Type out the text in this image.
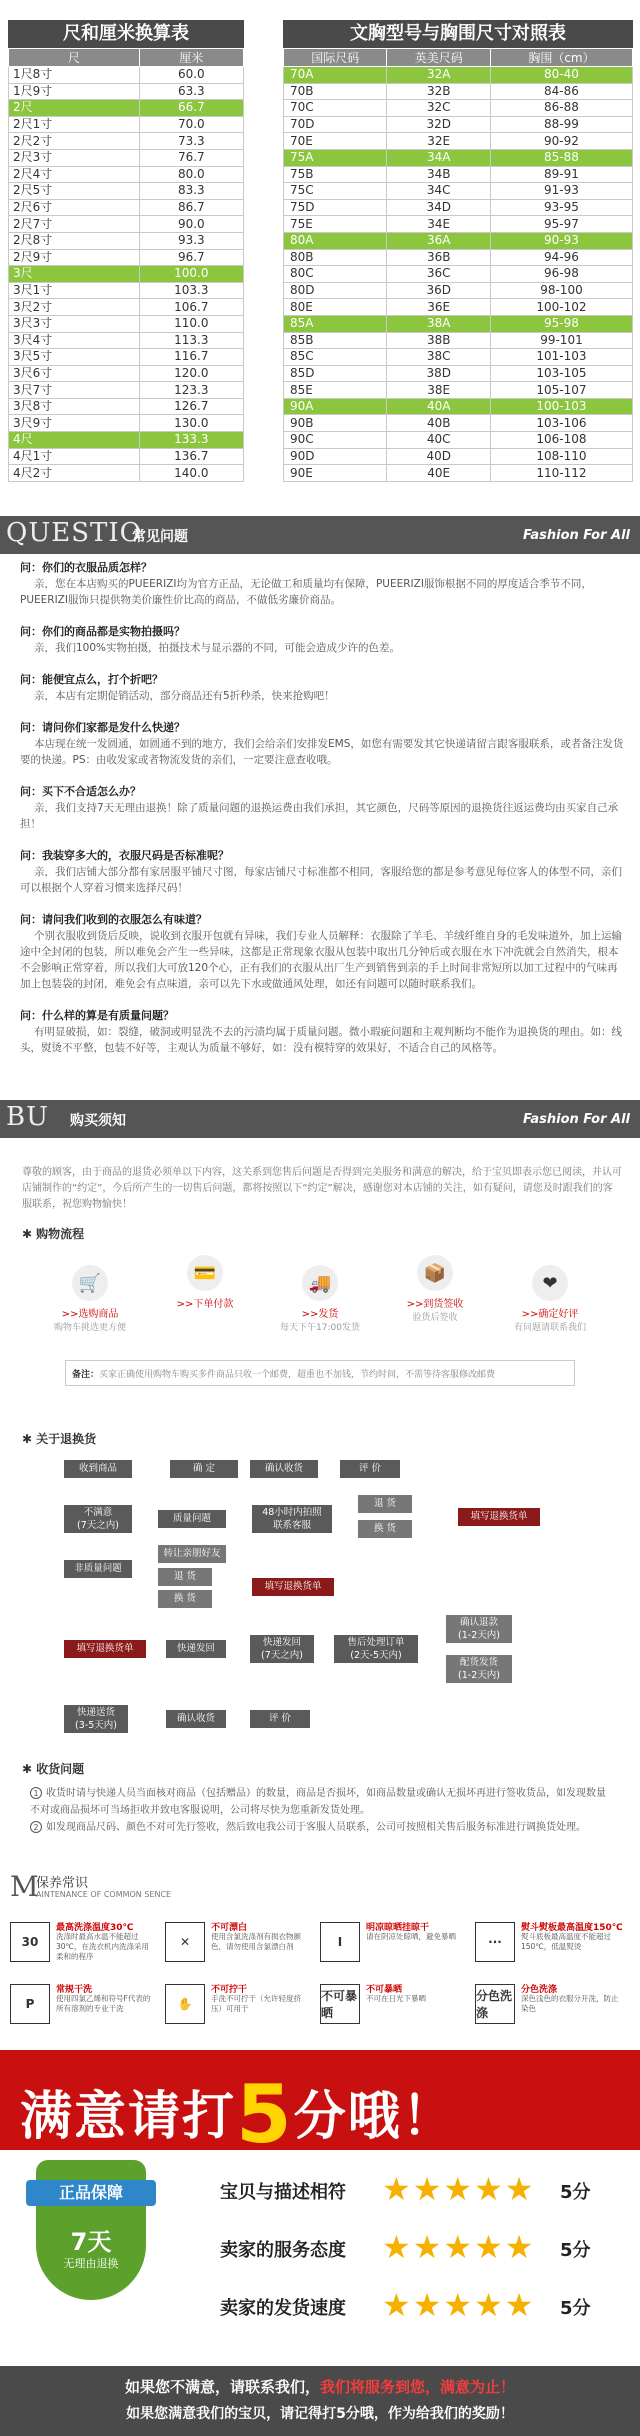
尺和厘米换算表
尺	厘米
1尺8寸	60.0
1尺9寸	63.3
2尺	66.7
2尺1寸	70.0
2尺2寸	73.3
2尺3寸	76.7
2尺4寸	80.0
2尺5寸	83.3
2尺6寸	86.7
2尺7寸	90.0
2尺8寸	93.3
2尺9寸	96.7
3尺	100.0
3尺1寸	103.3
3尺2寸	106.7
3尺3寸	110.0
3尺4寸	113.3
3尺5寸	116.7
3尺6寸	120.0
3尺7寸	123.3
3尺8寸	126.7
3尺9寸	130.0
4尺	133.3
4尺1寸	136.7
4尺2寸	140.0
文胸型号与胸围尺寸对照表
国际尺码	英美尺码	胸围（cm）
70A	32A	80-40
70B	32B	84-86
70C	32C	86-88
70D	32D	88-99
70E	32E	90-92
75A	34A	85-88
75B	34B	89-91
75C	34C	91-93
75D	34D	93-95
75E	34E	95-97
80A	36A	90-93
80B	36B	94-96
80C	36C	96-98
80D	36D	98-100
80E	36E	100-102
85A	38A	95-98
85B	38B	99-101
85C	38C	101-103
85D	38D	103-105
85E	38E	105-107
90A	40A	100-103
90B	40B	103-106
90C	40C	106-108
90D	40D	108-110
90E	40E	110-112
QUESTIO
常见问题	Fashion For All
问：你们的衣服品质怎样？
亲，您在本店购买的PUEERIZI均为官方正品，无论做工和质量均有保障，PUEERIZI服饰根据不同的厚度适合季节不同，PUEERIZI服饰只提供物美价廉性价比高的商品，不做低劣廉价商品。
问：你们的商品都是实物拍摄吗？
亲，我们100%实物拍摄，拍摄技术与显示器的不同，可能会造成少许的色差。
问：能便宜点么，打个折吧？
亲，本店有定期促销活动，部分商品还有5折秒杀，快来抢购吧！
问：请问你们家都是发什么快递？
本店现在统一发圆通，如圆通不到的地方，我们会给亲们安排发EMS，如您有需要发其它快递请留言跟客服联系，或者备注发货要的快递。PS：由收发家或者物流发货的亲们，一定要注意查收哦。
问：买下不合适怎么办？
亲，我们支持7天无理由退换！除了质量问题的退换运费由我们承担，其它颜色，尺码等原因的退换货往返运费均由买家自己承担！
问：我装穿多大的，衣服尺码是否标准呢？
亲，我们店铺大部分都有家居服平铺尺寸图，每家店铺尺寸标准都不相同，客服给您的都是参考意见每位客人的体型不同，亲们可以根据个人穿着习惯来选择尺码！
问：请问我们收到的衣服怎么有味道？
个别衣服收到货后反映，说收到衣服开包就有异味，我们专业人员解释：衣服除了羊毛、羊绒纤维自身的毛发味道外，加上运输途中全封闭的包装，所以难免会产生一些异味，这都是正常现象衣服从包装中取出几分钟后或衣服在水下冲洗就会自然消失，根本不会影响正常穿着，所以我们大可放120个心，正有我们的衣服从出厂生产到销售到亲的手上时间非常短所以加工过程中的气味再加上包装袋的封闭，难免会有点味道，亲可以先下水或做通风处理，如还有问题可以随时联系我们。
问：什么样的算是有质量问题？
有明显破损，如：裂缝，破洞或明显洗不去的污渍均属于质量问题。微小瑕疵问题和主观判断均不能作为退换货的理由。如：线头，熨烫不平整，包装不好等，主观认为质量不够好，如：没有模特穿的效果好，不适合自己的风格等。
BU 购买须知	Fashion For All
尊敬的顾客，由于商品的退货必须单以下内容，这关系到您售后问题是否得到完美服务和满意的解决，给于宝贝即表示您已阅读，并认可店铺制作的“约定”，今后所产生的一切售后问题，都将按照以下“约定”解决，感谢您对本店铺的关注，如有疑问，请您及时跟我们的客服联系，祝您购物愉快！
✱ 购物流程
🛒
>>选购商品
购物车挑选更方便
💳
>>下单付款
🚚
>>发货
每天下午17:00发货
📦
>>到货签收
验货后签收
❤
>>确定好评
有问题请联系我们
备注：买家正确使用购物车购买多件商品只收一个邮费，超重也不加钱，节约时间，不需等待客服修改邮费
✱ 关于退换货
收到商品	确 定	确认收货	评 价
不满意
(7天之内)
质量问题
48小时内拍照
联系客服
退 货
换 货
填写退换货单
非质量问题
转让亲朋好友
退 货
换 货
填写退换货单
填写退换货单	快递发回
快递发回
(7天之内)
售后处理订单
(2天-5天内)
确认退款
(1-2天内)
配货发货
(1-2天内)
快递送货
(3-5天内)
确认收货	评 价
✱ 收货问题
1 收货时请与快递人员当面核对商品（包括赠品）的数量，商品是否损坏，如商品数量或确认无损坏再进行签收货品，如发现数量不对或商品损坏可当场拒收并致电客服说明，公司将尽快为您重新发货处理。
2 如发现商品尺码、颜色不对可先行签收，然后致电我公司于客服人员联系，公司可按照相关售后服务标准进行调换货处理。
M
保养常识
AINTENANCE OF COMMON SENCE
30
最高洗涤温度30℃
洗涤时最高水温不能超过30℃，在洗衣机内洗涤采用柔和的程序
✕
不可漂白
使用含氯洗涤剂有损衣物颜色，请勿使用含氯漂白剂	I
明凉晾晒挂晾干
请在阴凉处晾晒，避免暴晒	···
熨斗熨板最高温度150℃
熨斗底板最高温度不能超过150℃，低温熨烫
P
常规干洗
使用四氯乙烯和符号F代表的所有溶剂的专业干洗	✋
不可拧干
手洗不可拧干（允许轻度挤压）可用于
不可暴晒
不可暴晒
不可在日光下暴晒	分色洗涤
分色洗涤
深色浅色的衣服分开洗，防止染色
满意请打5分哦！
正品保障
7天
无理由退换
宝贝与描述相符 ★★★★★ 5分
卖家的服务态度 ★★★★★ 5分
卖家的发货速度 ★★★★★ 5分
如果您不满意，请联系我们，我们将服务到您，满意为止！
如果您满意我们的宝贝，请记得打5分哦，作为给我们的奖励！
